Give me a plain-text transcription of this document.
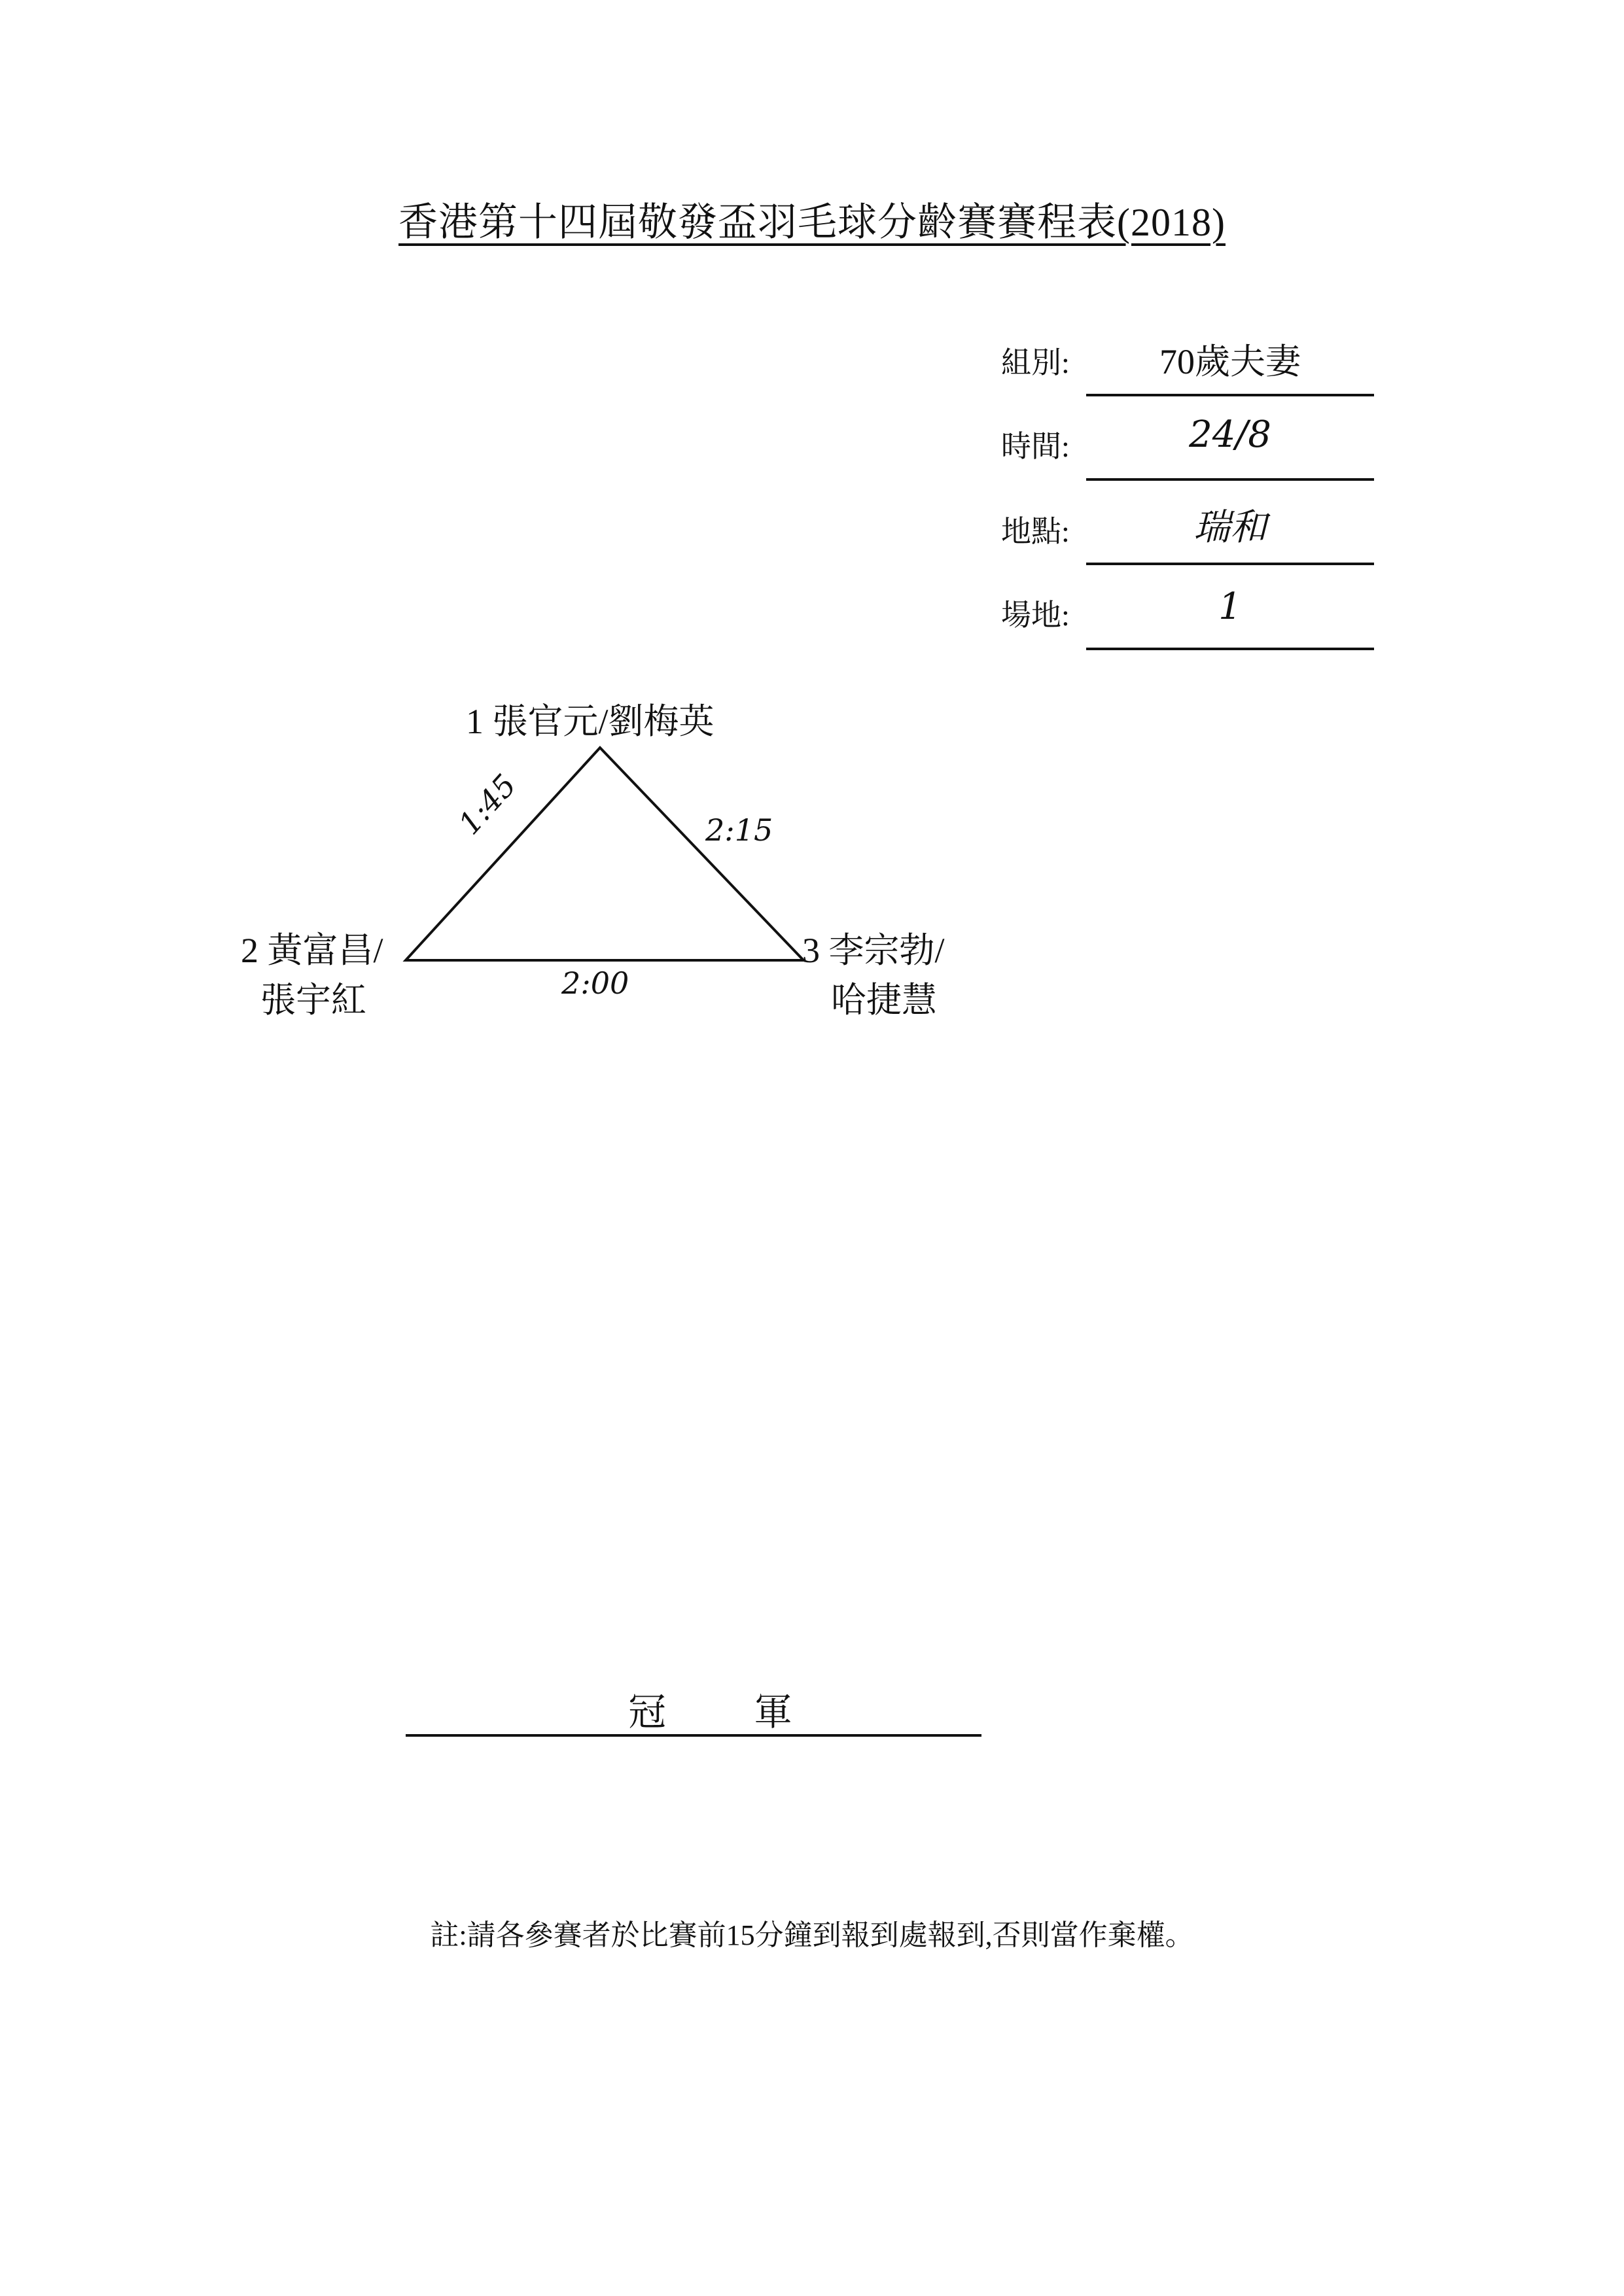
香港第十四屆敬發盃羽毛球分齡賽賽程表(2018)
組別:	70歲夫妻
時間:	24/8
地點:	瑞和
場地:	1
1 張官元/劉梅英
2 黃富昌/
張宇紅
3 李宗勃/
哈捷慧
1:45	2:15
2:00
冠 軍
註:請各參賽者於比賽前15分鐘到報到處報到,否則當作棄權。
